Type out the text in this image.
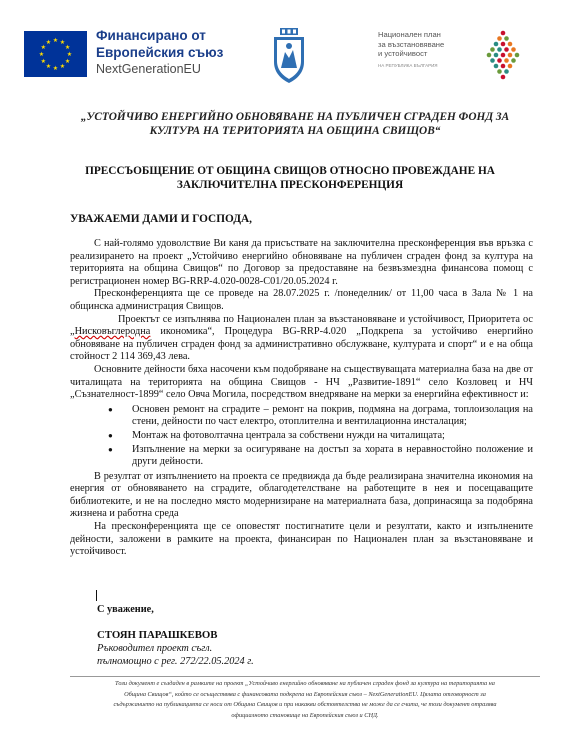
★ ★
★
★
★
★
★
★
★
★
★
★	Финансирано от
Европейския съюз
NextGenerationEU
Национален план
за възстановяване
и устойчивост
НА РЕПУБЛИКА БЪЛГАРИЯ
„УСТОЙЧИВО ЕНЕРГИЙНО ОБНОВЯВАНЕ НА ПУБЛИЧЕН СГРАДЕН ФОНД ЗА
КУЛТУРА НА ТЕРИТОРИЯТА НА ОБЩИНА СВИЩОВ“
ПРЕССЪОБЩЕНИЕ ОТ ОБЩИНА СВИЩОВ ОТНОСНО ПРОВЕЖДАНЕ НА
ЗАКЛЮЧИТЕЛНА ПРЕСКОНФЕРЕНЦИЯ
УВАЖАЕМИ ДАМИ И ГОСПОДА,

С най-голямо удоволствие Ви каня да присъствате на заключителна пресконференция във връзка с реализирането на проект „Устойчиво енергийно обновяване на публичен сграден фонд за култура на територията на община Свищов“ по Договор за предоставяне на безвъзмездна финансова помощ с регистрационен номер BG-RRP-4.020-0028-C01/20.05.2024 г.

Пресконференцията ще се проведе на 28.07.2025 г. /понеделник/ от 11,00 часа в Зала № 1 на общинска администрация Свищов.

Проектът се изпълнява по Национален план за възстановяване и устойчивост, Приоритета ос „Нисковъглеродна икономика“, Процедура BG-RRP-4.020 „Подкрепа за устойчиво енергийно обновяване на публичен сграден фонд за административно обслужване, културата и спорт“ и е на обща стойност 2 114 369,43 лева.

Основните дейности бяха насочени към подобряване на съществуващата материална база на две от читалищата на територията на община Свищов - НЧ „Развитие-1891“ село Козловец и НЧ „Съзнателност-1899“ село Овча Могила, посредством внедряване на мерки за енергийна ефективност и:

● Основен ремонт на сградите – ремонт на покрив, подмяна на дограма, топлоизолация на стени, дейности по част електро, отоплителна и вентилационна инсталация;
● Монтаж на фотоволтачна централа за собствени нужди на читалищата;
● Изпълнение на мерки за осигуряване на достъп за хората в неравностойно положение и други дейности.

В резултат от изпълнението на проекта се предвижда да бъде реализирана значителна икономия на енергия от обновяването на сградите, облагодетелстване на работещите в нея и посещаващите библиотеките, и не на последно място модернизиране на материалната база, допринасяща за подобряна жизнена и работна среда

На пресконференцията ще се оповестят постигнатите цели и резултати, както и изпълнените дейности, заложени в рамките на проекта, финансиран по Национален план за възстановяване и устойчивост.

С уважение,
СТОЯН ПАРАШКЕВОВ
Ръководител проект съгл.
пълномощно с рег. 272/22.05.2024 г.
Този документ е създаден в рамките на проект „Устойчиво енергийно обновяване на публичен сграден фонд за култура на територията на
Община Свищов“, който се осъществява с финансовата подкрепа на Европейския съюз – NextGenerationEU. Цялата отговорност за
съдържанието на публикацията се носи от Община Свищов и при никакви обстоятелства не може да се счита, че този документ отразява
официалното становище на Европейския съюз и СНД.
